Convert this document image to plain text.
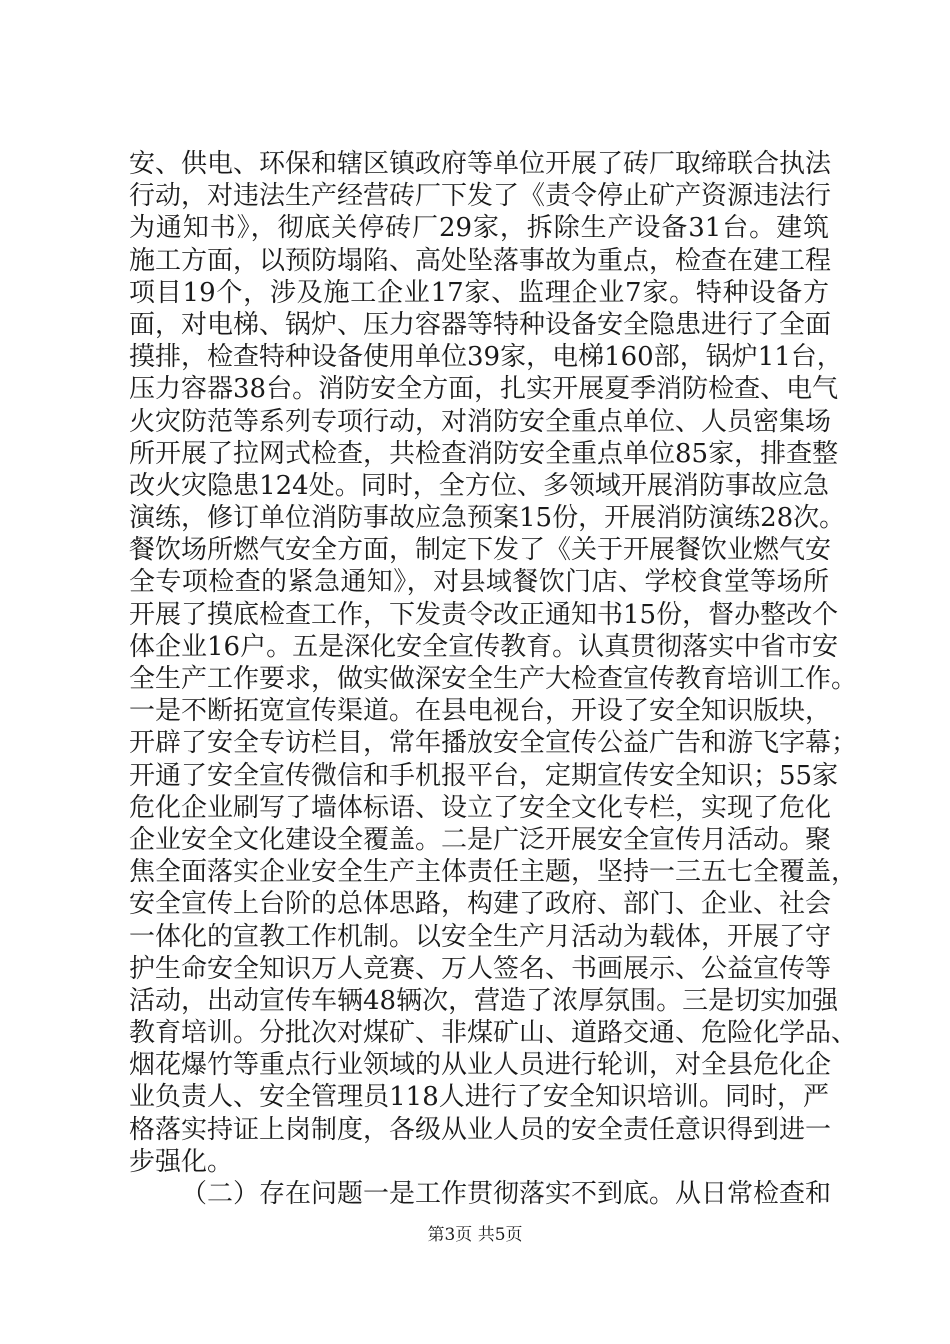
安、供电、环保和辖区镇政府等单位开展了砖厂取缔联合执法
行动，对违法生产经营砖厂下发了《责令停止矿产资源违法行
为通知书》，彻底关停砖厂29家，拆除生产设备31台。建筑
施工方面，以预防塌陷、高处坠落事故为重点，检查在建工程
项目19个，涉及施工企业17家、监理企业7家。特种设备方
面，对电梯、锅炉、压力容器等特种设备安全隐患进行了全面
摸排，检查特种设备使用单位39家，电梯160部，锅炉11台，
压力容器38台。消防安全方面，扎实开展夏季消防检查、电气
火灾防范等系列专项行动，对消防安全重点单位、人员密集场
所开展了拉网式检查，共检查消防安全重点单位85家，排查整
改火灾隐患124处。同时，全方位、多领域开展消防事故应急
演练，修订单位消防事故应急预案15份，开展消防演练28次。
餐饮场所燃气安全方面，制定下发了《关于开展餐饮业燃气安
全专项检查的紧急通知》，对县域餐饮门店、学校食堂等场所
开展了摸底检查工作，下发责令改正通知书15份，督办整改个
体企业16户。五是深化安全宣传教育。认真贯彻落实中省市安
全生产工作要求，做实做深安全生产大检查宣传教育培训工作。
一是不断拓宽宣传渠道。在县电视台，开设了安全知识版块，
开辟了安全专访栏目，常年播放安全宣传公益广告和游飞字幕；
开通了安全宣传微信和手机报平台，定期宣传安全知识；55家
危化企业刷写了墙体标语、设立了安全文化专栏，实现了危化
企业安全文化建设全覆盖。二是广泛开展安全宣传月活动。聚
焦全面落实企业安全生产主体责任主题，坚持一三五七全覆盖，
安全宣传上台阶的总体思路，构建了政府、部门、企业、社会
一体化的宣教工作机制。以安全生产月活动为载体，开展了守
护生命安全知识万人竞赛、万人签名、书画展示、公益宣传等
活动，出动宣传车辆48辆次，营造了浓厚氛围。三是切实加强
教育培训。分批次对煤矿、非煤矿山、道路交通、危险化学品、
烟花爆竹等重点行业领域的从业人员进行轮训，对全县危化企
业负责人、安全管理员118人进行了安全知识培训。同时，严
格落实持证上岗制度，各级从业人员的安全责任意识得到进一
步强化。
（二）存在问题一是工作贯彻落实不到底。从日常检查和
第3页 共5页
